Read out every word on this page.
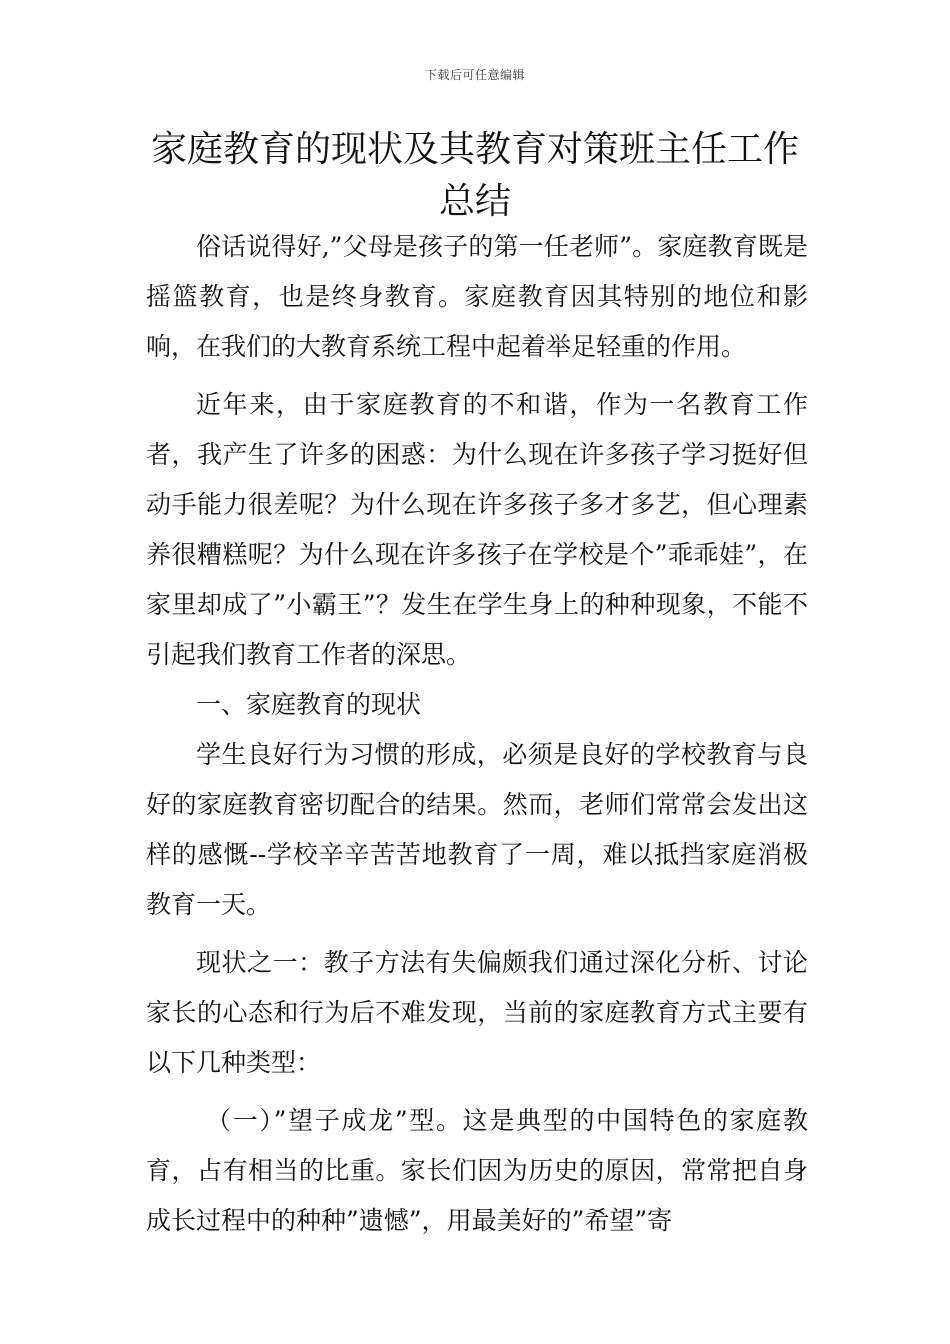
下载后可任意编辑
家庭教育的现状及其教育对策班主任工作总结

俗话说得好,”父母是孩子的第一任老师”。家庭教育既是摇篮教育，也是终身教育。家庭教育因其特别的地位和影响，在我们的大教育系统工程中起着举足轻重的作用。

近年来，由于家庭教育的不和谐，作为一名教育工作者，我产生了许多的困惑：为什么现在许多孩子学习挺好但动手能力很差呢？为什么现在许多孩子多才多艺，但心理素养很糟糕呢？为什么现在许多孩子在学校是个”乖乖娃”，在家里却成了”小霸王”？发生在学生身上的种种现象，不能不引起我们教育工作者的深思。

一、家庭教育的现状

学生良好行为习惯的形成，必须是良好的学校教育与良好的家庭教育密切配合的结果。然而，老师们常常会发出这样的感慨--学校辛辛苦苦地教育了一周，难以抵挡家庭消极教育一天。

现状之一：教子方法有失偏颇我们通过深化分析、讨论家长的心态和行为后不难发现，当前的家庭教育方式主要有以下几种类型：

（一）”望子成龙”型。这是典型的中国特色的家庭教育，占有相当的比重。家长们因为历史的原因，常常把自身成长过程中的种种”遗憾”，用最美好的”希望”寄
